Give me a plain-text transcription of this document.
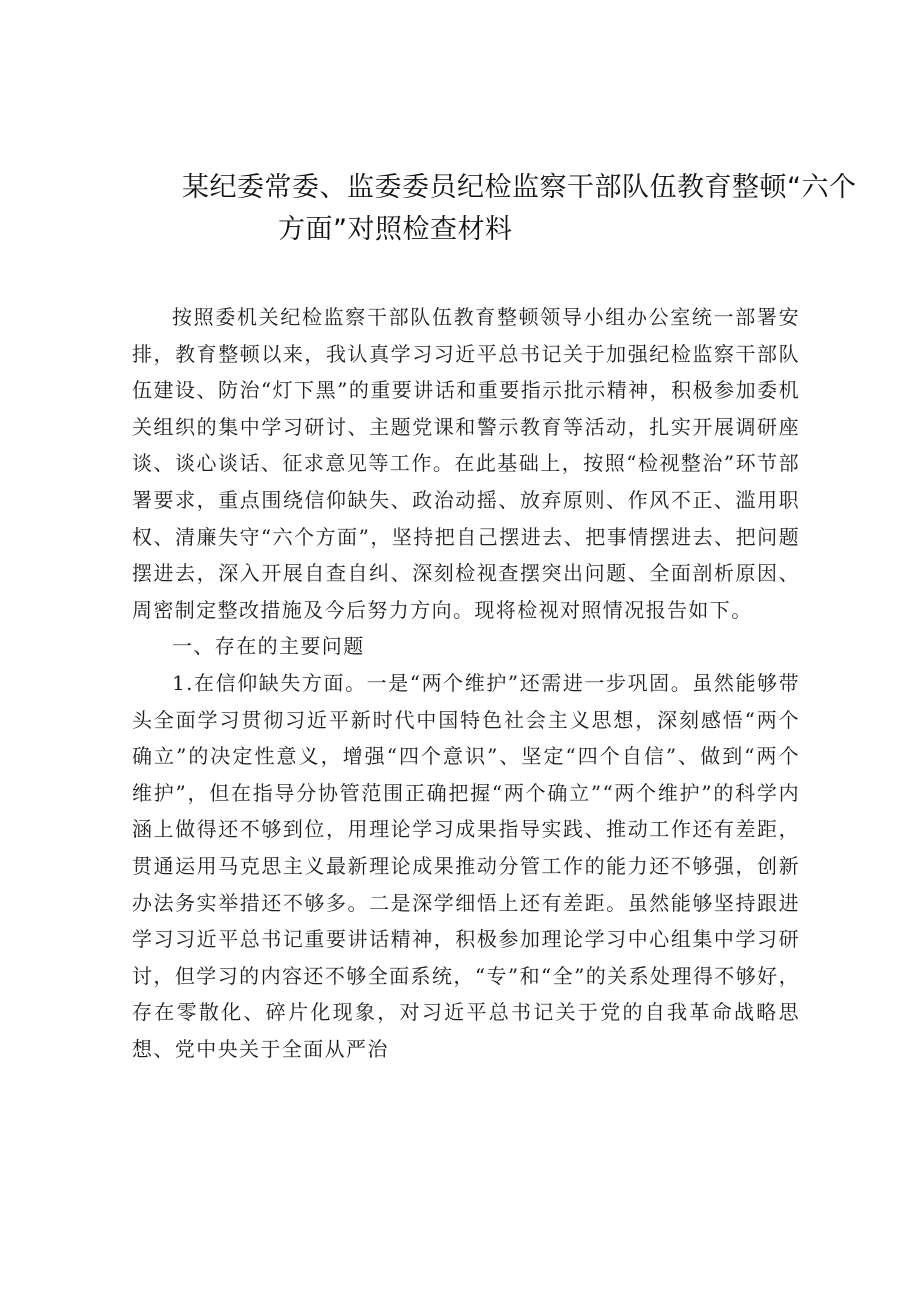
某纪委常委、监委委员纪检监察干部队伍教育整顿“六个
方面”对照检查材料

按照委机关纪检监察干部队伍教育整顿领导小组办公室统一部署安排，教育整顿以来，我认真学习习近平总书记关于加强纪检监察干部队伍建设、防治“灯下黑”的重要讲话和重要指示批示精神，积极参加委机关组织的集中学习研讨、主题党课和警示教育等活动，扎实开展调研座谈、谈心谈话、征求意见等工作。在此基础上，按照“检视整治”环节部署要求，重点围绕信仰缺失、政治动摇、放弃原则、作风不正、滥用职权、清廉失守“六个方面”，坚持把自己摆进去、把事情摆进去、把问题摆进去，深入开展自查自纠、深刻检视查摆突出问题、全面剖析原因、周密制定整改措施及今后努力方向。现将检视对照情况报告如下。

一、存在的主要问题

1.在信仰缺失方面。一是“两个维护”还需进一步巩固。虽然能够带头全面学习贯彻习近平新时代中国特色社会主义思想，深刻感悟“两个确立”的决定性意义，增强“四个意识”、坚定“四个自信”、做到“两个维护”，但在指导分协管范围正确把握“两个确立”“两个维护”的科学内涵上做得还不够到位，用理论学习成果指导实践、推动工作还有差距，贯通运用马克思主义最新理论成果推动分管工作的能力还不够强，创新办法务实举措还不够多。二是深学细悟上还有差距。虽然能够坚持跟进学习习近平总书记重要讲话精神，积极参加理论学习中心组集中学习研讨，但学习的内容还不够全面系统，“专”和“全”的关系处理得不够好，存在零散化、碎片化现象，对习近平总书记关于党的自我革命战略思想、党中央关于全面从严治
